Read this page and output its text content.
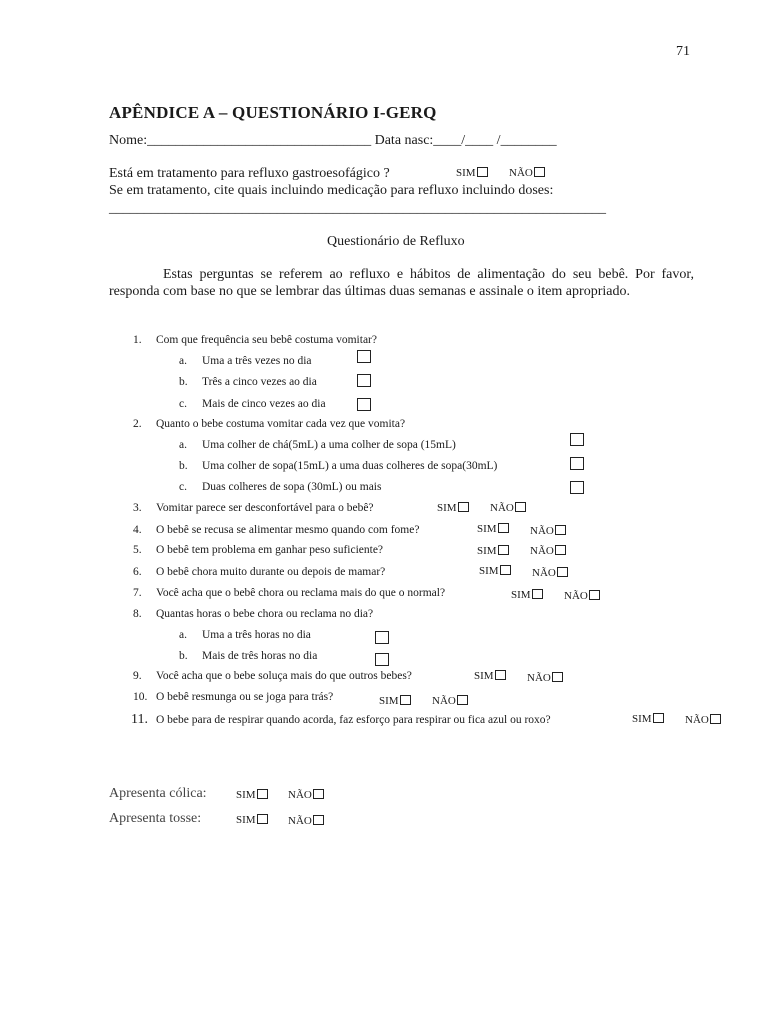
71
APÊNDICE A – QUESTIONÁRIO I-GERQ
Nome:________________________________ Data nasc:____/____ /________
Está em tratamento para refluxo gastroesofágico ?	SIM	NÃO
Se em tratamento, cite quais incluindo medicação para refluxo incluindo doses:
_______________________________________________________________________
Questionário de Refluxo
Estas perguntas se referem ao refluxo e hábitos de alimentação do seu bebê. Por favor, responda com base no que se lembrar das últimas duas semanas e assinale o item apropriado.
1. Com que frequência seu bebê costuma vomitar?
a. Uma a três vezes no dia
b. Três a cinco vezes ao dia
c. Mais de cinco vezes ao dia
2. Quanto o bebe costuma vomitar cada vez que vomita?
a. Uma colher de chá(5mL) a uma colher de sopa (15mL)
b. Uma colher de sopa(15mL) a uma duas colheres de sopa(30mL)
c. Duas colheres de sopa (30mL) ou mais
3. Vomitar parece ser desconfortável para o bebê?	SIM	NÃO
4. O bebê se recusa se alimentar mesmo quando com fome?	SIM	NÃO
5. O bebê tem problema em ganhar peso suficiente?	SIM	NÃO
6. O bebê chora muito durante ou depois de mamar?	SIM	NÃO
7. Você acha que o bebê chora ou reclama mais do que o normal?	SIM	NÃO
8. Quantas horas o bebe chora ou reclama no dia?
a. Uma a três horas no dia
b. Mais de três horas no dia
9. Você acha que o bebe soluça mais do que outros bebes?	SIM	NÃO
10. O bebê resmunga ou se joga para trás?	SIM	NÃO
11. O bebe para de respirar quando acorda, faz esforço para respirar ou fica azul ou roxo?	SIM	NÃO
Apresenta cólica:	SIM	NÃO
Apresenta tosse:	SIM	NÃO
